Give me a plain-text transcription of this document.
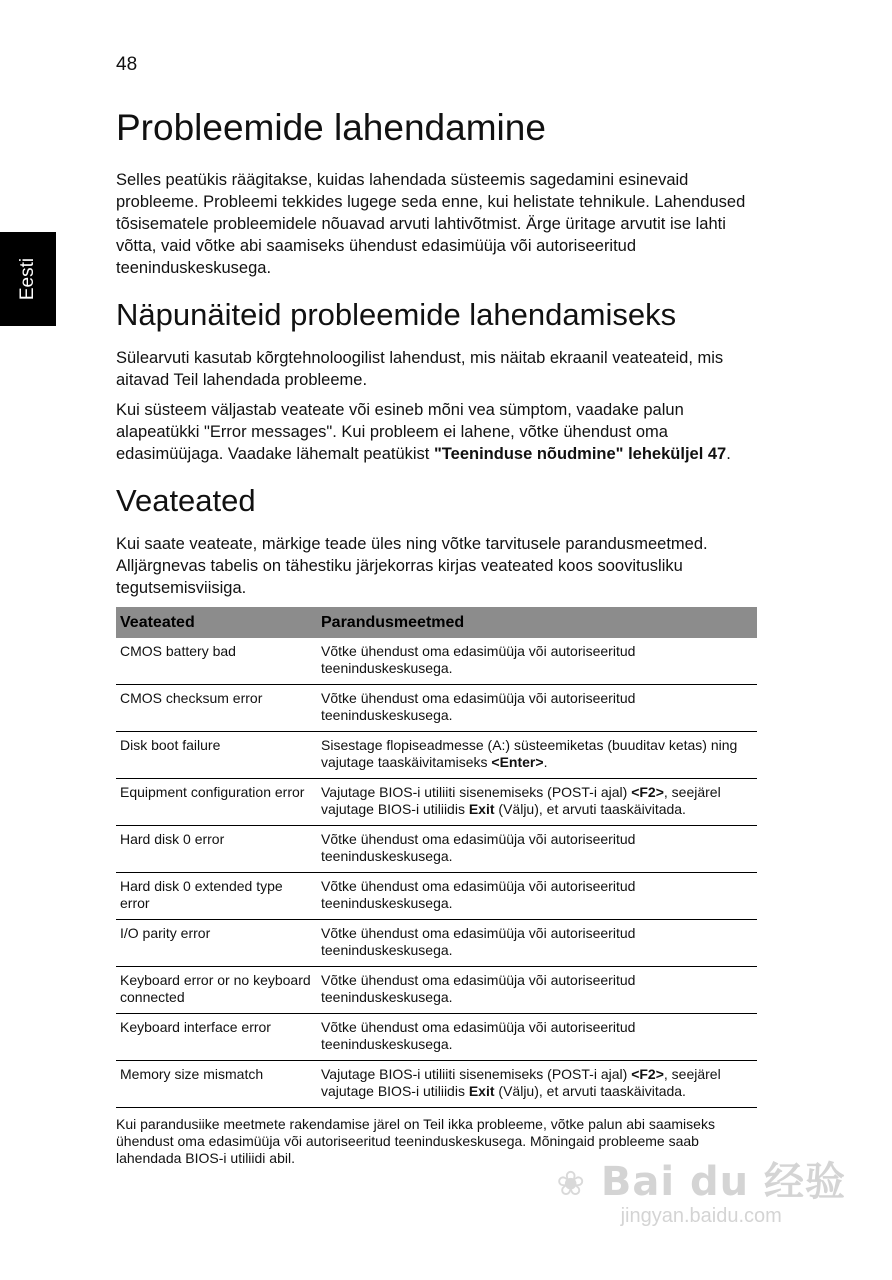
48
Eesti
Probleemide lahendamine

Selles peatükis räägitakse, kuidas lahendada süsteemis sagedamini esinevaid probleeme. Probleemi tekkides lugege seda enne, kui helistate tehnikule. Lahendused tõsisematele probleemidele nõuavad arvuti lahtivõtmist. Ärge üritage arvutit ise lahti võtta, vaid võtke abi saamiseks ühendust edasimüüja või autoriseeritud teeninduskeskusega.

Näpunäiteid probleemide lahendamiseks

Sülearvuti kasutab kõrgtehnoloogilist lahendust, mis näitab ekraanil veateateid, mis aitavad Teil lahendada probleeme.

Kui süsteem väljastab veateate või esineb mõni vea sümptom, vaadake palun alapeatükki "Error messages". Kui probleem ei lahene, võtke ühendust oma edasimüüjaga. Vaadake lähemalt peatükist "Teeninduse nõudmine" leheküljel 47.

Veateated

Kui saate veateate, märkige teade üles ning võtke tarvitusele parandusmeetmed. Alljärgnevas tabelis on tähestiku järjekorras kirjas veateated koos soovitusliku tegutsemisviisiga.

Veateated	Parandusmeetmed
CMOS battery bad	Võtke ühendust oma edasimüüja või autoriseeritud teeninduskeskusega.
CMOS checksum error	Võtke ühendust oma edasimüüja või autoriseeritud teeninduskeskusega.
Disk boot failure	Sisestage flopiseadmesse (A:) süsteemiketas (buuditav ketas) ning vajutage taaskäivitamiseks <Enter>.
Equipment configuration error	Vajutage BIOS-i utiliiti sisenemiseks (POST-i ajal) <F2>, seejärel vajutage BIOS-i utiliidis Exit (Välju), et arvuti taaskäivitada.
Hard disk 0 error	Võtke ühendust oma edasimüüja või autoriseeritud teeninduskeskusega.
Hard disk 0 extended type error	Võtke ühendust oma edasimüüja või autoriseeritud teeninduskeskusega.
I/O parity error	Võtke ühendust oma edasimüüja või autoriseeritud teeninduskeskusega.
Keyboard error or no keyboard connected	Võtke ühendust oma edasimüüja või autoriseeritud teeninduskeskusega.
Keyboard interface error	Võtke ühendust oma edasimüüja või autoriseeritud teeninduskeskusega.
Memory size mismatch	Vajutage BIOS-i utiliiti sisenemiseks (POST-i ajal) <F2>, seejärel vajutage BIOS-i utiliidis Exit (Välju), et arvuti taaskäivitada.
Kui parandusiike meetmete rakendamise järel on Teil ikka probleeme, võtke palun abi saamiseks ühendust oma edasimüüja või autoriseeritud teeninduskeskusega. Mõningaid probleeme saab lahendada BIOS-i utiliidi abil.
❀ Bai du 经验
jingyan.baidu.com
